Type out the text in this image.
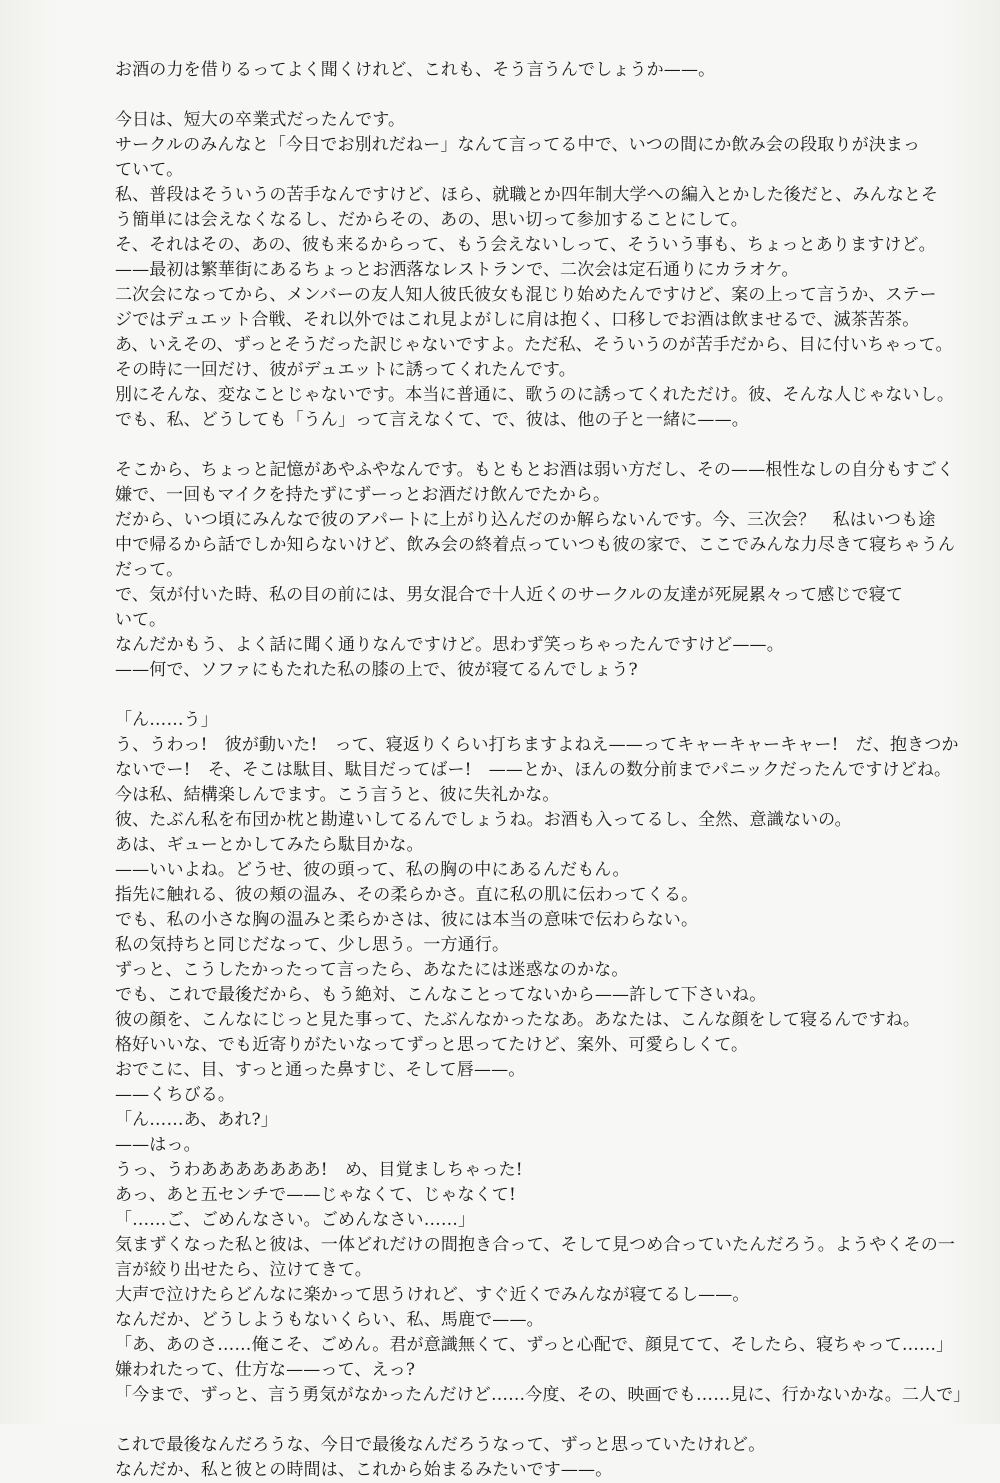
お酒の力を借りるってよく聞くけれど、これも、そう言うんでしょうか——。
今日は、短大の卒業式だったんです。
サークルのみんなと「今日でお別れだねー」なんて言ってる中で、いつの間にか飲み会の段取りが決まっ
ていて。
私、普段はそういうの苦手なんですけど、ほら、就職とか四年制大学への編入とかした後だと、みんなとそ
う簡単には会えなくなるし、だからその、あの、思い切って参加することにして。
そ、それはその、あの、彼も来るからって、もう会えないしって、そういう事も、ちょっとありますけど。
——最初は繁華街にあるちょっとお洒落なレストランで、二次会は定石通りにカラオケ。
二次会になってから、メンバーの友人知人彼氏彼女も混じり始めたんですけど、案の上って言うか、ステー
ジではデュエット合戦、それ以外ではこれ見よがしに肩は抱く、口移しでお酒は飲ませるで、滅茶苦茶。
あ、いえその、ずっとそうだった訳じゃないですよ。ただ私、そういうのが苦手だから、目に付いちゃって。
その時に一回だけ、彼がデュエットに誘ってくれたんです。
別にそんな、変なことじゃないです。本当に普通に、歌うのに誘ってくれただけ。彼、そんな人じゃないし。
でも、私、どうしても「うん」って言えなくて、で、彼は、他の子と一緒に——。
そこから、ちょっと記憶があやふやなんです。もともとお酒は弱い方だし、その——根性なしの自分もすごく
嫌で、一回もマイクを持たずにずーっとお酒だけ飲んでたから。
だから、いつ頃にみんなで彼のアパートに上がり込んだのか解らないんです。今、三次会？　私はいつも途
中で帰るから話でしか知らないけど、飲み会の終着点っていつも彼の家で、ここでみんな力尽きて寝ちゃうん
だって。
で、気が付いた時、私の目の前には、男女混合で十人近くのサークルの友達が死屍累々って感じで寝て
いて。
なんだかもう、よく話に聞く通りなんですけど。思わず笑っちゃったんですけど——。
——何で、ソファにもたれた私の膝の上で、彼が寝てるんでしょう?
「ん……う」
う、うわっ!　彼が動いた!　って、寝返りくらい打ちますよねえ——ってキャーキャーキャー!　だ、抱きつか
ないでー!　そ、そこは駄目、駄目だってばー!　——とか、ほんの数分前までパニックだったんですけどね。
今は私、結構楽しんでます。こう言うと、彼に失礼かな。
彼、たぶん私を布団か枕と勘違いしてるんでしょうね。お酒も入ってるし、全然、意識ないの。
あは、ギューとかしてみたら駄目かな。
——いいよね。どうせ、彼の頭って、私の胸の中にあるんだもん。
指先に触れる、彼の頬の温み、その柔らかさ。直に私の肌に伝わってくる。
でも、私の小さな胸の温みと柔らかさは、彼には本当の意味で伝わらない。
私の気持ちと同じだなって、少し思う。一方通行。
ずっと、こうしたかったって言ったら、あなたには迷惑なのかな。
でも、これで最後だから、もう絶対、こんなことってないから——許して下さいね。
彼の顔を、こんなにじっと見た事って、たぶんなかったなあ。あなたは、こんな顔をして寝るんですね。
格好いいな、でも近寄りがたいなってずっと思ってたけど、案外、可愛らしくて。
おでこに、目、すっと通った鼻すじ、そして唇——。
——くちびる。
「ん……あ、あれ?」
——はっ。
うっ、うわあああああああ!　め、目覚ましちゃった!
あっ、あと五センチで——じゃなくて、じゃなくて!
「……ご、ごめんなさい。ごめんなさい……」
気まずくなった私と彼は、一体どれだけの間抱き合って、そして見つめ合っていたんだろう。ようやくその一
言が絞り出せたら、泣けてきて。
大声で泣けたらどんなに楽かって思うけれど、すぐ近くでみんなが寝てるし——。
なんだか、どうしようもないくらい、私、馬鹿で——。
「あ、あのさ……俺こそ、ごめん。君が意識無くて、ずっと心配で、顔見てて、そしたら、寝ちゃって……」
嫌われたって、仕方な——って、えっ?
「今まで、ずっと、言う勇気がなかったんだけど……今度、その、映画でも……見に、行かないかな。二人で」
これで最後なんだろうな、今日で最後なんだろうなって、ずっと思っていたけれど。
なんだか、私と彼との時間は、これから始まるみたいです——。
